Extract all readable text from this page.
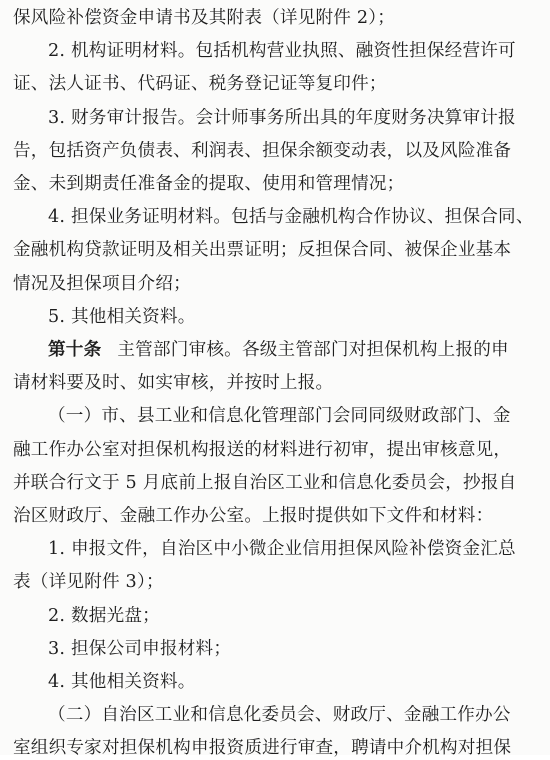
保风险补偿资金申请书及其附表（详见附件 2）；
2. 机构证明材料。包括机构营业执照、融资性担保经营许可
证、法人证书、代码证、税务登记证等复印件；
3. 财务审计报告。会计师事务所出具的年度财务决算审计报
告，包括资产负债表、利润表、担保余额变动表，以及风险准备
金、未到期责任准备金的提取、使用和管理情况；
4. 担保业务证明材料。包括与金融机构合作协议、担保合同、
金融机构贷款证明及相关出票证明；反担保合同、被保企业基本
情况及担保项目介绍；
5. 其他相关资料。
第十条 主管部门审核。各级主管部门对担保机构上报的申
请材料要及时、如实审核，并按时上报。
（一）市、县工业和信息化管理部门会同同级财政部门、金
融工作办公室对担保机构报送的材料进行初审，提出审核意见，
并联合行文于 5 月底前上报自治区工业和信息化委员会，抄报自
治区财政厅、金融工作办公室。上报时提供如下文件和材料：
1. 申报文件，自治区中小微企业信用担保风险补偿资金汇总
表（详见附件 3）；
2. 数据光盘；
3. 担保公司申报材料；
4. 其他相关资料。
（二）自治区工业和信息化委员会、财政厅、金融工作办公
室组织专家对担保机构申报资质进行审查，聘请中介机构对担保
